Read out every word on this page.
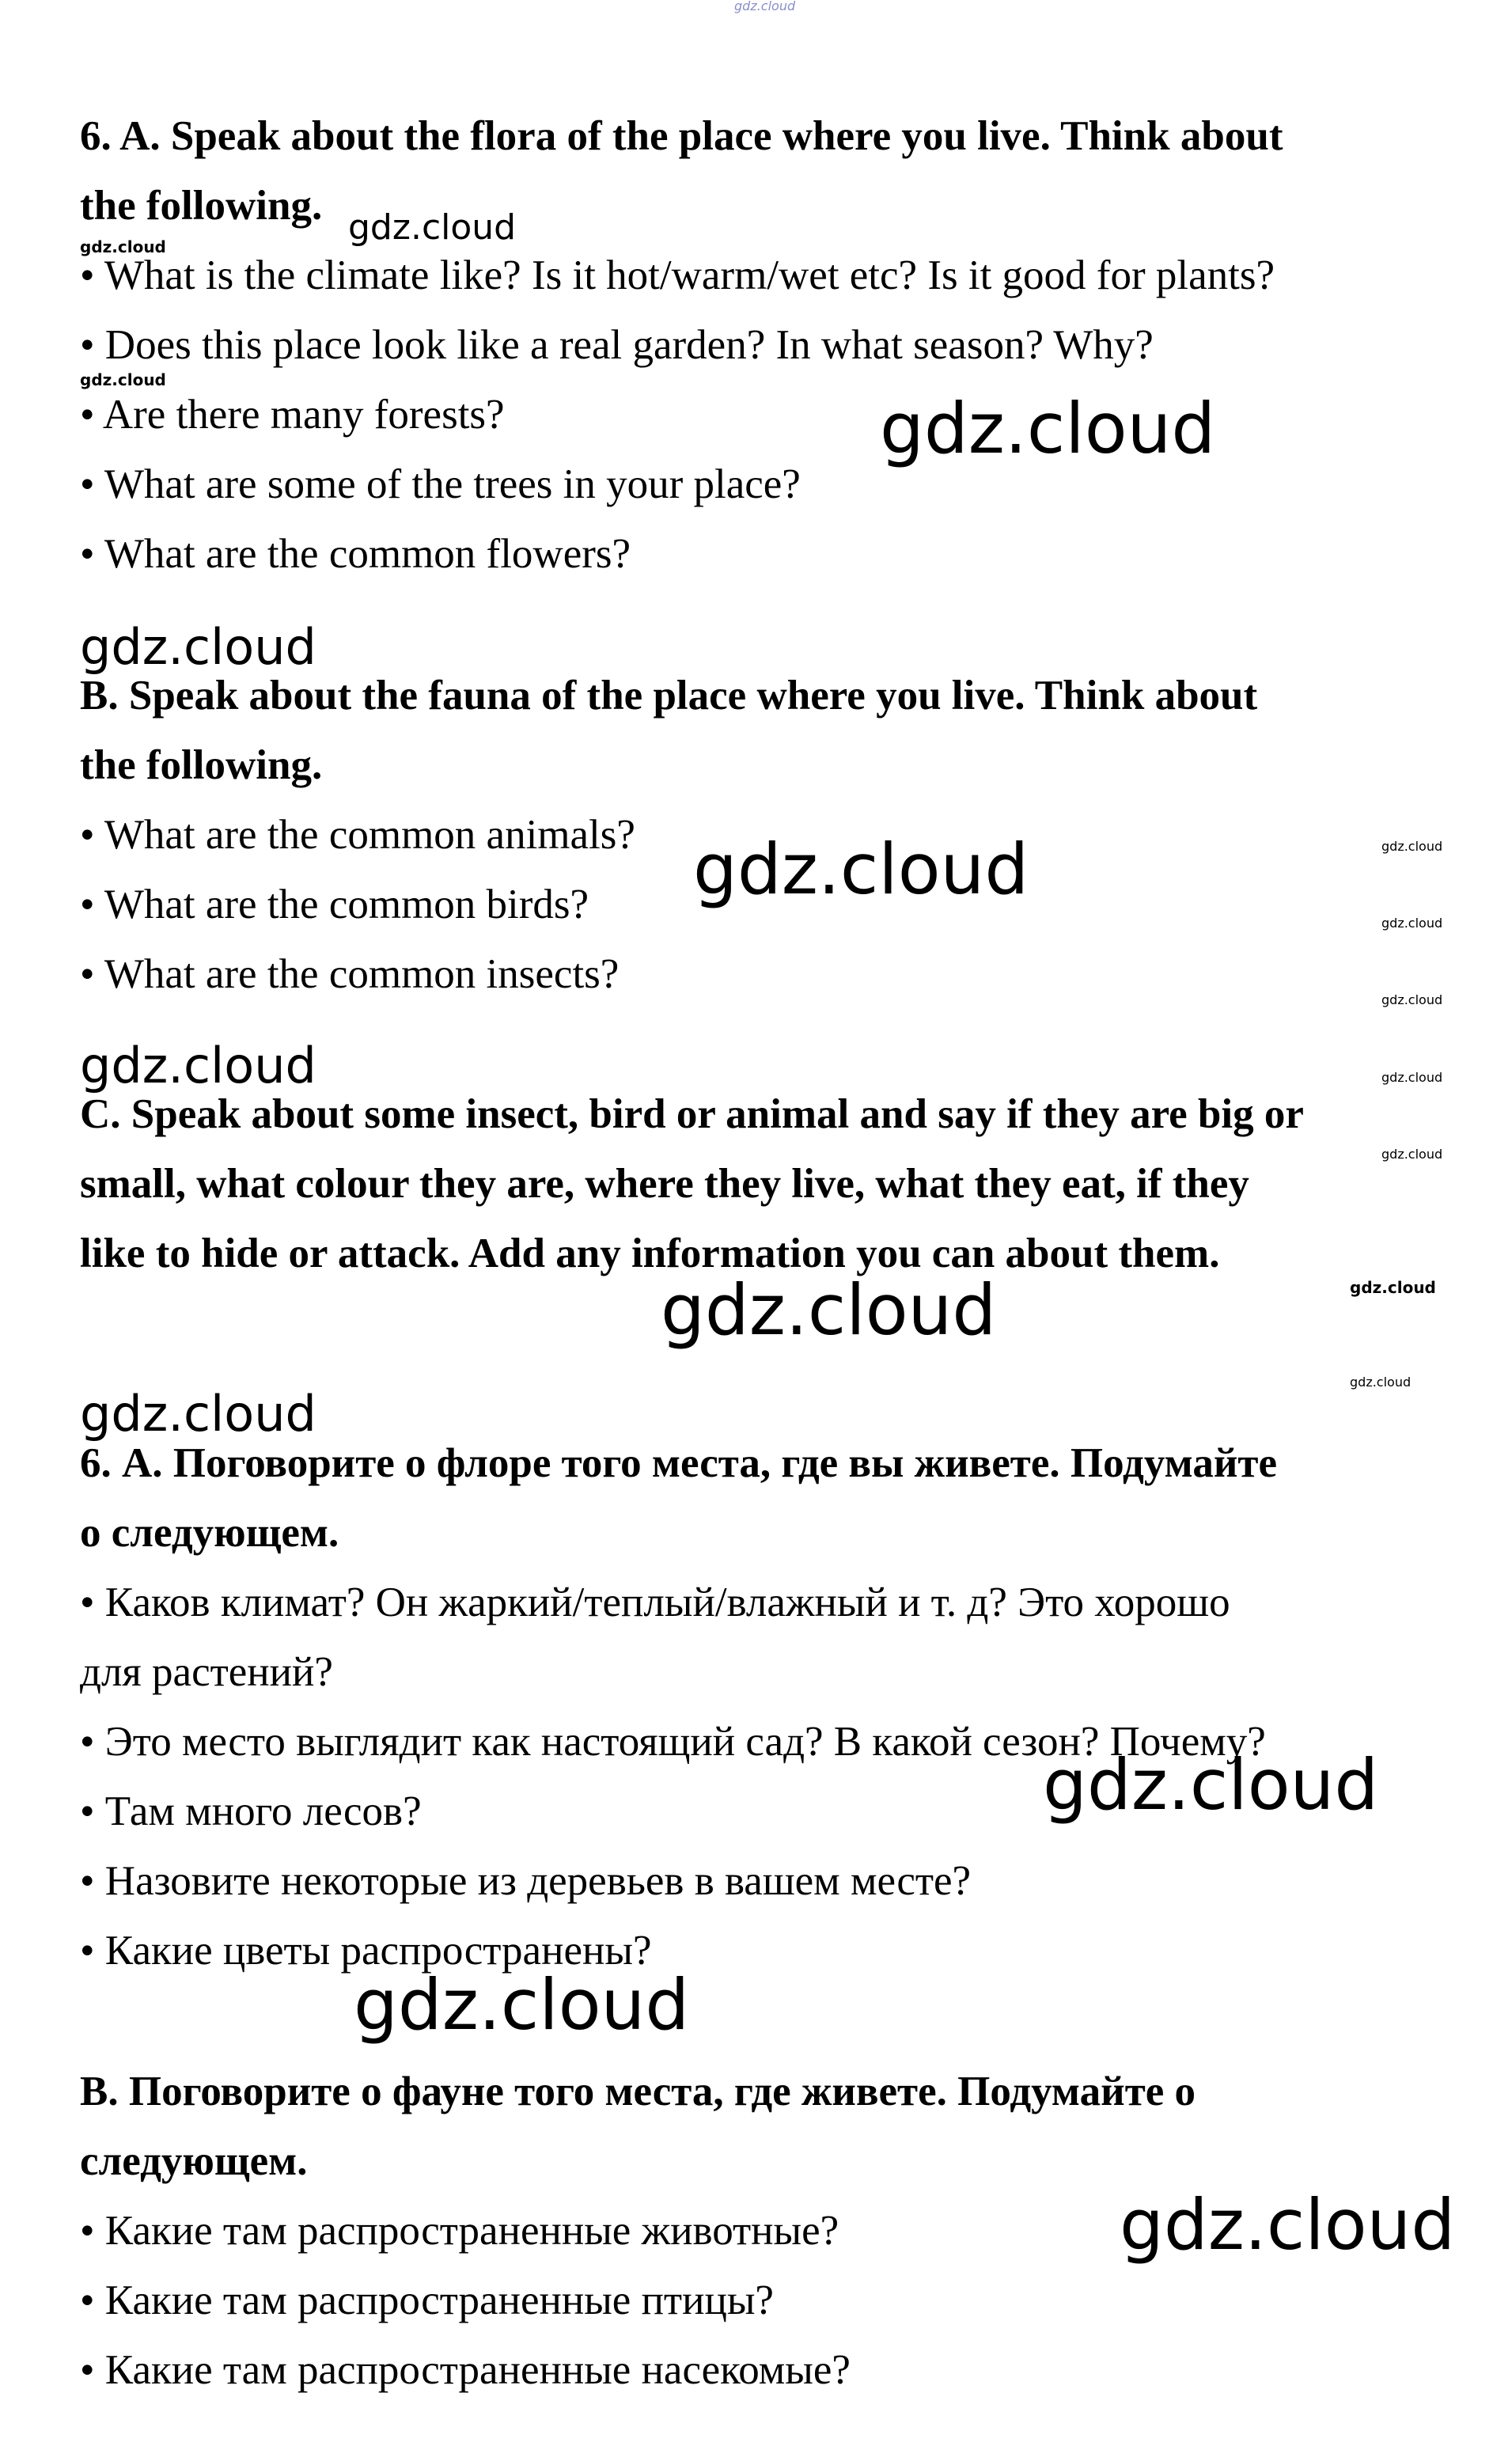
gdz.cloud
6. A. Speak about the flora of the place where you live. Think about
the following.
• What is the climate like? Is it hot/warm/wet etc? Is it good for plants?
• Does this place look like a real garden? In what season? Why?
• Are there many forests?
• What are some of the trees in your place?
• What are the common flowers?
B. Speak about the fauna of the place where you live. Think about
the following.
• What are the common animals?
• What are the common birds?
• What are the common insects?
C. Speak about some insect, bird or animal and say if they are big or
small, what colour they are, where they live, what they eat, if they
like to hide or attack. Add any information you can about them.
6. А. Поговорите о флоре того места, где вы живете. Подумайте
о следующем.
• Каков климат? Он жаркий/теплый/влажный и т. д? Это хорошо
для растений?
• Это место выглядит как настоящий сад? В какой сезон? Почему?
• Там много лесов?
• Назовите некоторые из деревьев в вашем месте?
• Какие цветы распространены?
В. Поговорите о фауне того места, где живете. Подумайте о
следующем.
• Какие там распространенные животные?
• Какие там распространенные птицы?
• Какие там распространенные насекомые?
gdz.cloud
gdz.cloud
gdz.cloud
gdz.cloud
gdz.cloud
gdz.cloud	gdz.cloud
gdz.cloud
gdz.cloud
gdz.cloud	gdz.cloud
gdz.cloud
gdz.cloud
gdz.cloud
gdz.cloud
gdz.cloud
gdz.cloud
gdz.cloud
gdz.cloud
